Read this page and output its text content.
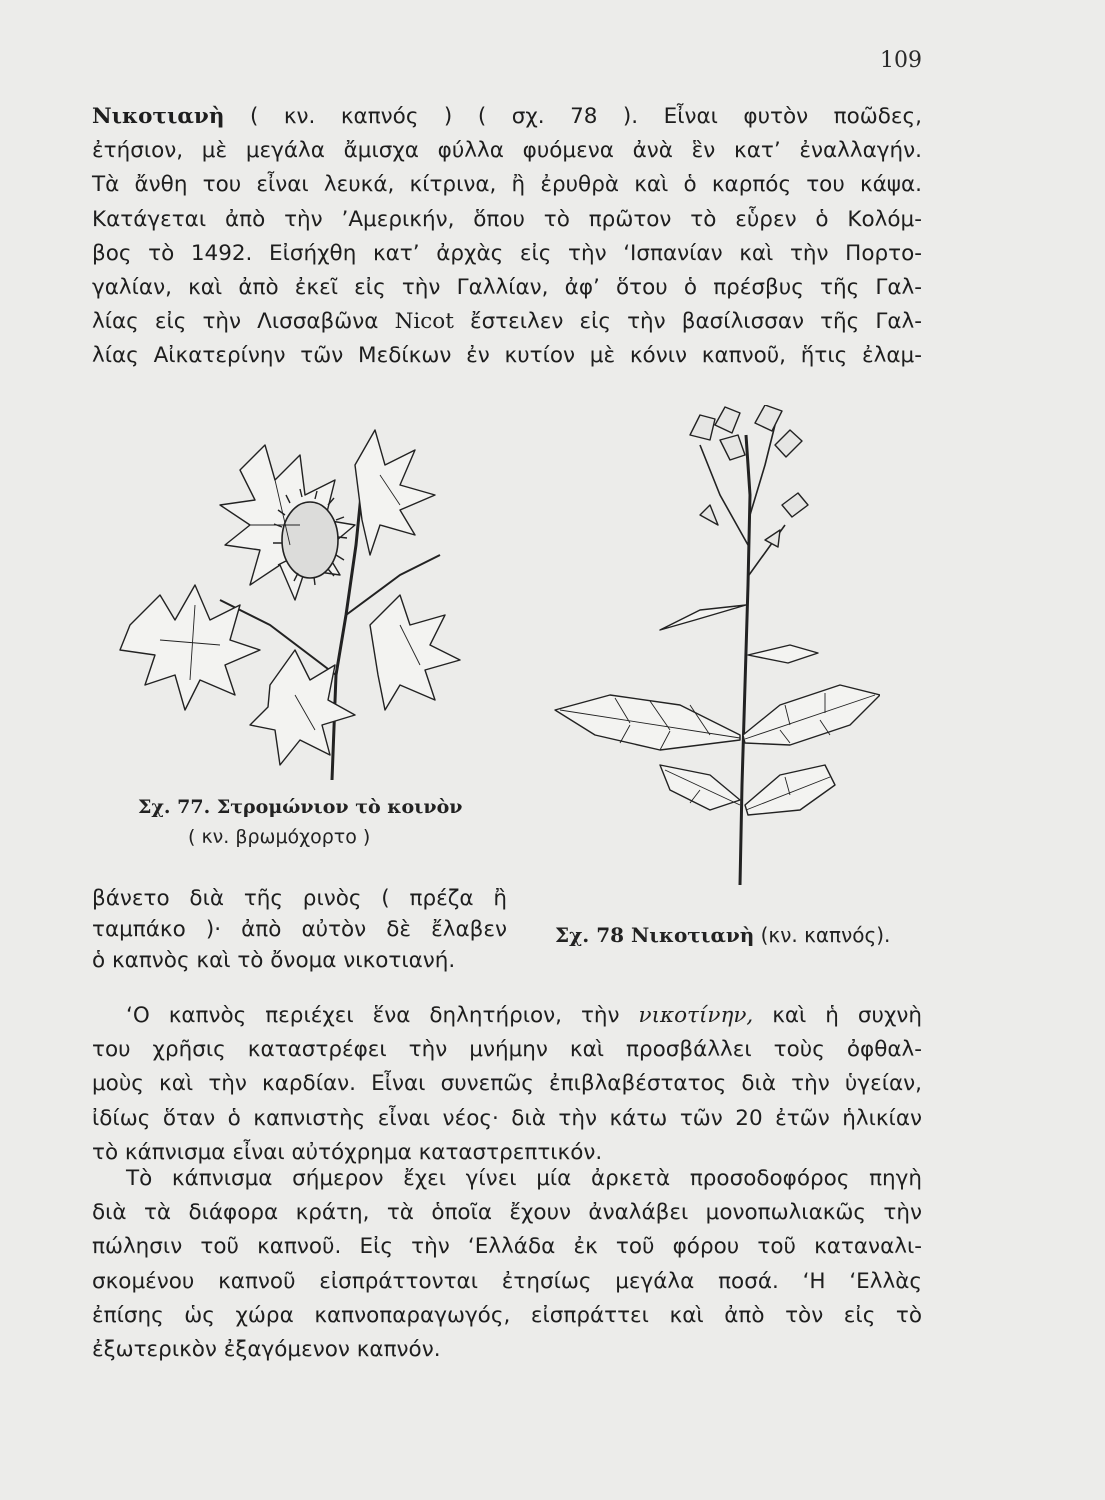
109
Νικοτιανὴ ( κν. καπνός ) ( σχ. 78 ). Εἶναι φυτὸν ποῶδες,
ἐτήσιον, μὲ μεγάλα ἄμισχα φύλλα φυόμενα ἀνὰ ἓν κατ’ ἐναλλαγήν.
Τὰ ἄνθη του εἶναι λευκά, κίτρινα, ἢ ἐρυθρὰ καὶ ὁ καρπός του κάψα.
Κατάγεται ἀπὸ τὴν ’Αμερικήν, ὅπου τὸ πρῶτον τὸ εὗρεν ὁ Κολόμ-
βος τὸ 1492. Εἰσήχθη κατ’ ἀρχὰς εἰς τὴν ‘Ισπανίαν καὶ τὴν Πορτο-
γαλίαν, καὶ ἀπὸ ἐκεῖ εἰς τὴν Γαλλίαν, ἀφ’ ὅτου ὁ πρέσβυς τῆς Γαλ-
λίας εἰς τὴν Λισσαβῶνα Nicot ἔστειλεν εἰς τὴν βασίλισσαν τῆς Γαλ-
λίας Αἰκατερίνην τῶν Μεδίκων ἐν κυτίον μὲ κόνιν καπνοῦ, ἥτις ἐλαμ-
Σχ. 77. Στρομώνιον τὸ κοινὸν
( κν. βρωμόχορτο )
Σχ. 78 Νικοτιανὴ (κν. καπνός).
βάνετο διὰ τῆς ρινὸς ( πρέζα ἢ
ταμπάκο )· ἀπὸ αὐτὸν δὲ ἔλαβεν
ὁ καπνὸς καὶ τὸ ὄνομα νικοτιανή.
‘Ο καπνὸς περιέχει ἕνα δηλητήριον, τὴν νικοτίνην, καὶ ἡ συχνὴ
του χρῆσις καταστρέφει τὴν μνήμην καὶ προσβάλλει τοὺς ὀφθαλ-
μοὺς καὶ τὴν καρδίαν. Εἶναι συνεπῶς ἐπιβλαβέστατος διὰ τὴν ὑγείαν,
ἰδίως ὅταν ὁ καπνιστὴς εἶναι νέος· διὰ τὴν κάτω τῶν 20 ἐτῶν ἡλικίαν
τὸ κάπνισμα εἶναι αὐτόχρημα καταστρεπτικόν.
Τὸ κάπνισμα σήμερον ἔχει γίνει μία ἀρκετὰ προσοδοφόρος πηγὴ
διὰ τὰ διάφορα κράτη, τὰ ὁποῖα ἔχουν ἀναλάβει μονοπωλιακῶς τὴν
πώλησιν τοῦ καπνοῦ. Εἰς τὴν ‘Ελλάδα ἐκ τοῦ φόρου τοῦ καταναλι-
σκομένου καπνοῦ εἰσπράττονται ἐτησίως μεγάλα ποσά. ‘Η ‘Ελλὰς
ἐπίσης ὡς χώρα καπνοπαραγωγός, εἰσπράττει καὶ ἀπὸ τὸν εἰς τὸ
ἐξωτερικὸν ἐξαγόμενον καπνόν.
